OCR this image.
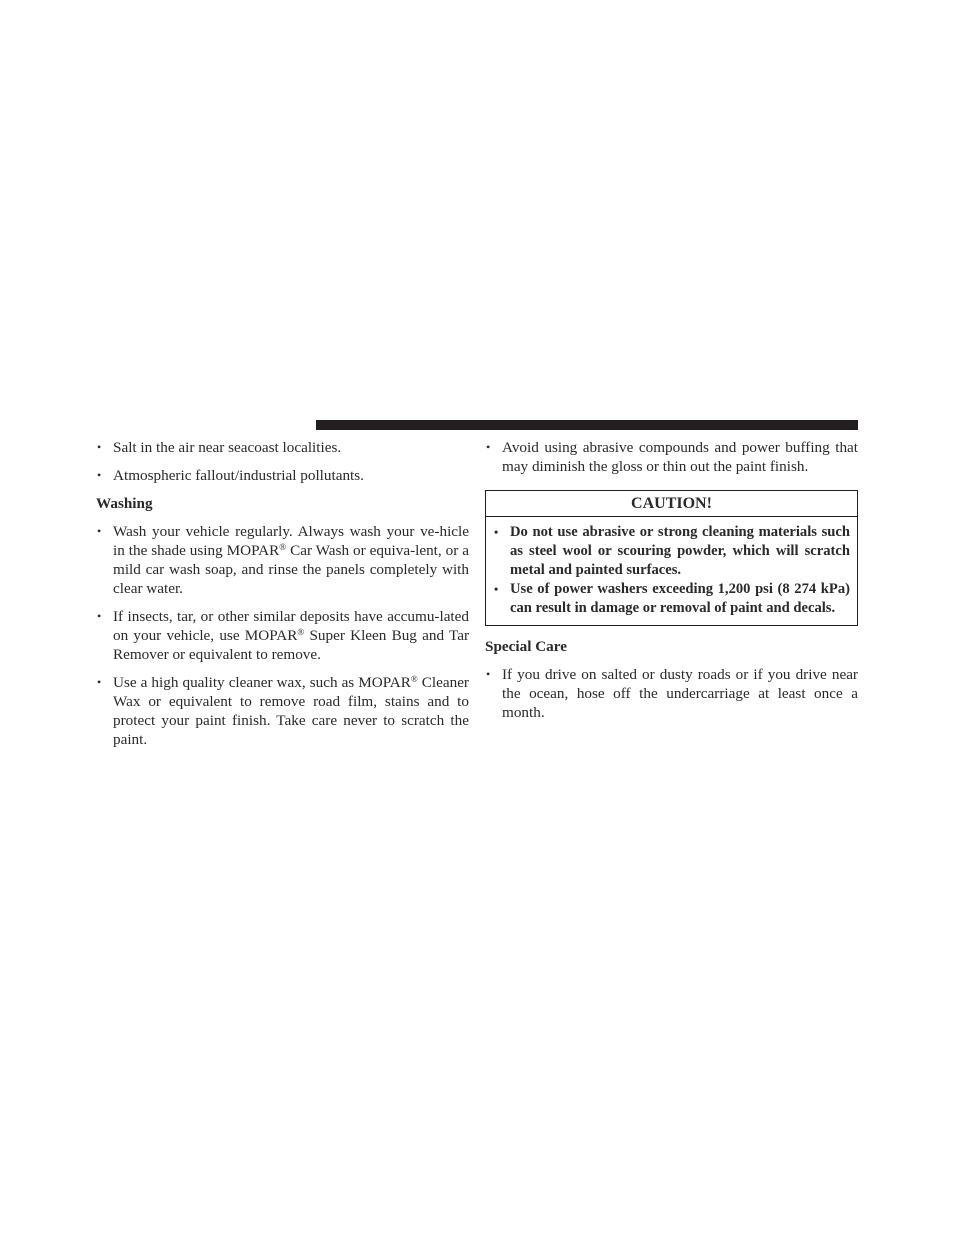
• Salt in the air near seacoast localities.
• Atmospheric fallout/industrial pollutants.
Washing
• Wash your vehicle regularly. Always wash your ve-hicle in the shade using MOPAR® Car Wash or equiva-lent, or a mild car wash soap, and rinse the panels completely with clear water.
• If insects, tar, or other similar deposits have accumu-lated on your vehicle, use MOPAR® Super Kleen Bug and Tar Remover or equivalent to remove.
• Use a high quality cleaner wax, such as MOPAR® Cleaner Wax or equivalent to remove road film, stains and to protect your paint finish. Take care never to scratch the paint.
• Avoid using abrasive compounds and power buffing that may diminish the gloss or thin out the paint finish.
CAUTION!
• Do not use abrasive or strong cleaning materials such as steel wool or scouring powder, which will scratch metal and painted surfaces.
• Use of power washers exceeding 1,200 psi (8 274 kPa) can result in damage or removal of paint and decals.
Special Care
• If you drive on salted or dusty roads or if you drive near the ocean, hose off the undercarriage at least once a month.
